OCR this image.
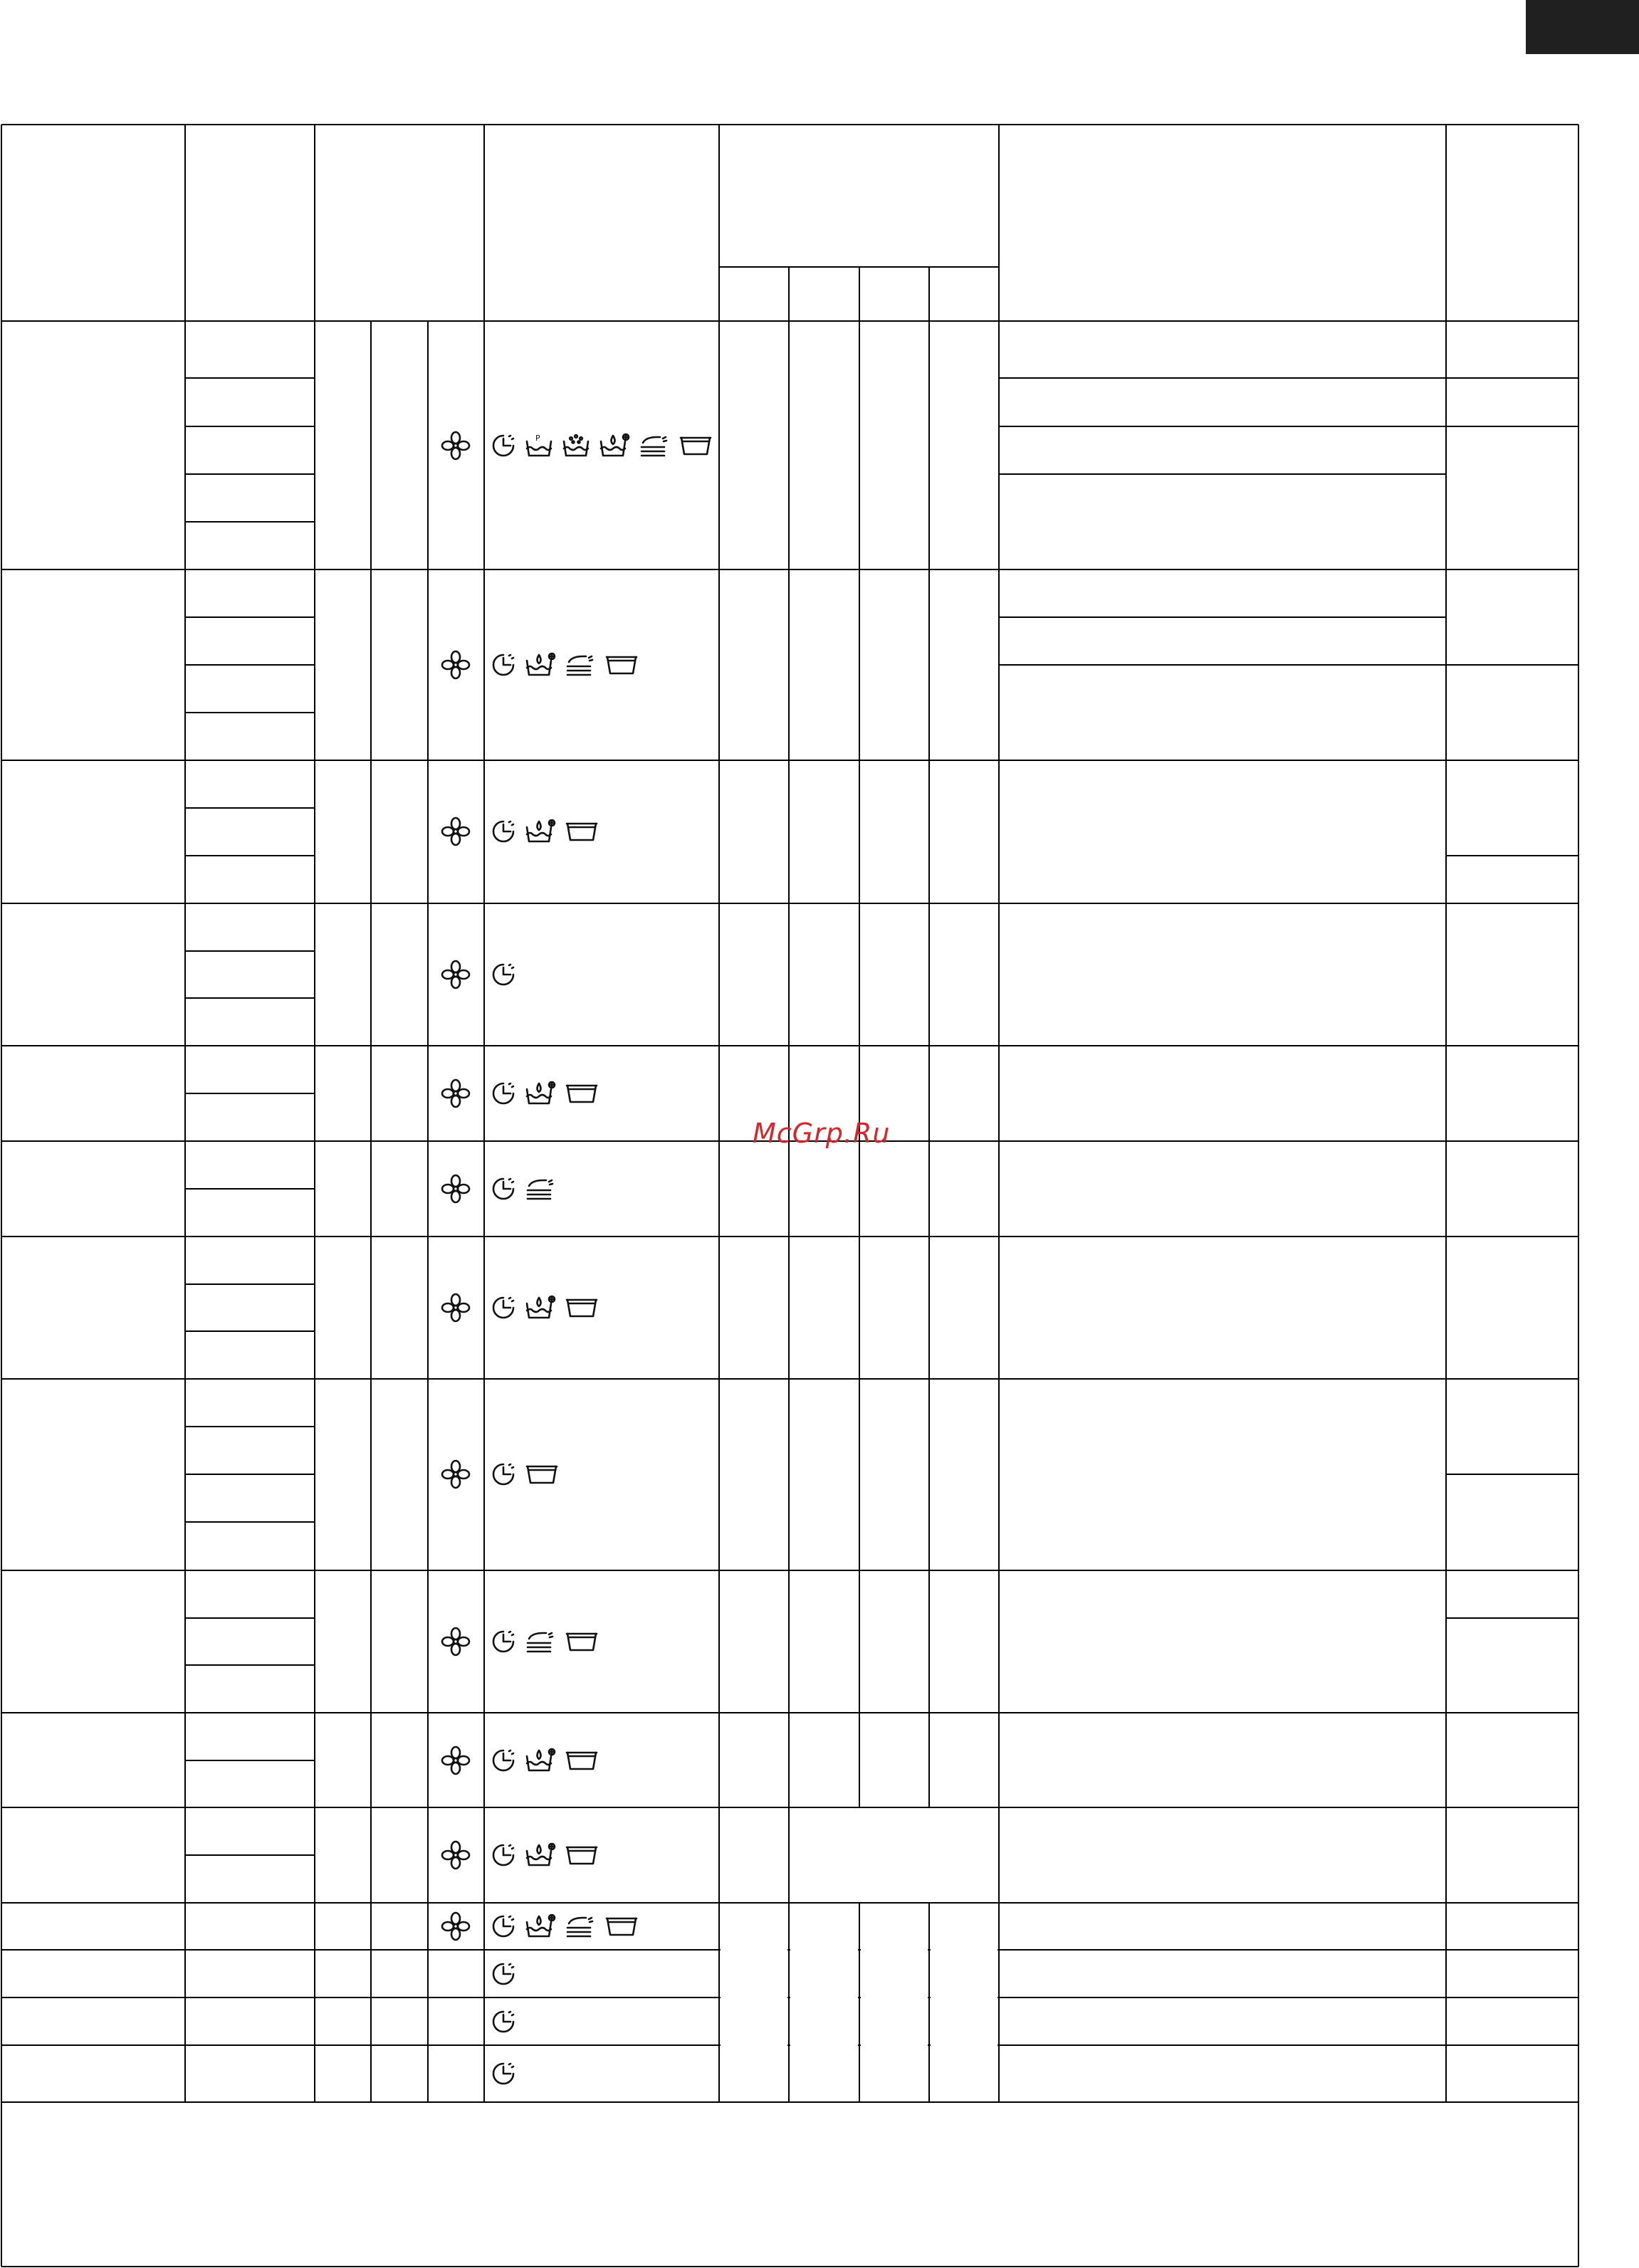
P
McGrp.Ru
